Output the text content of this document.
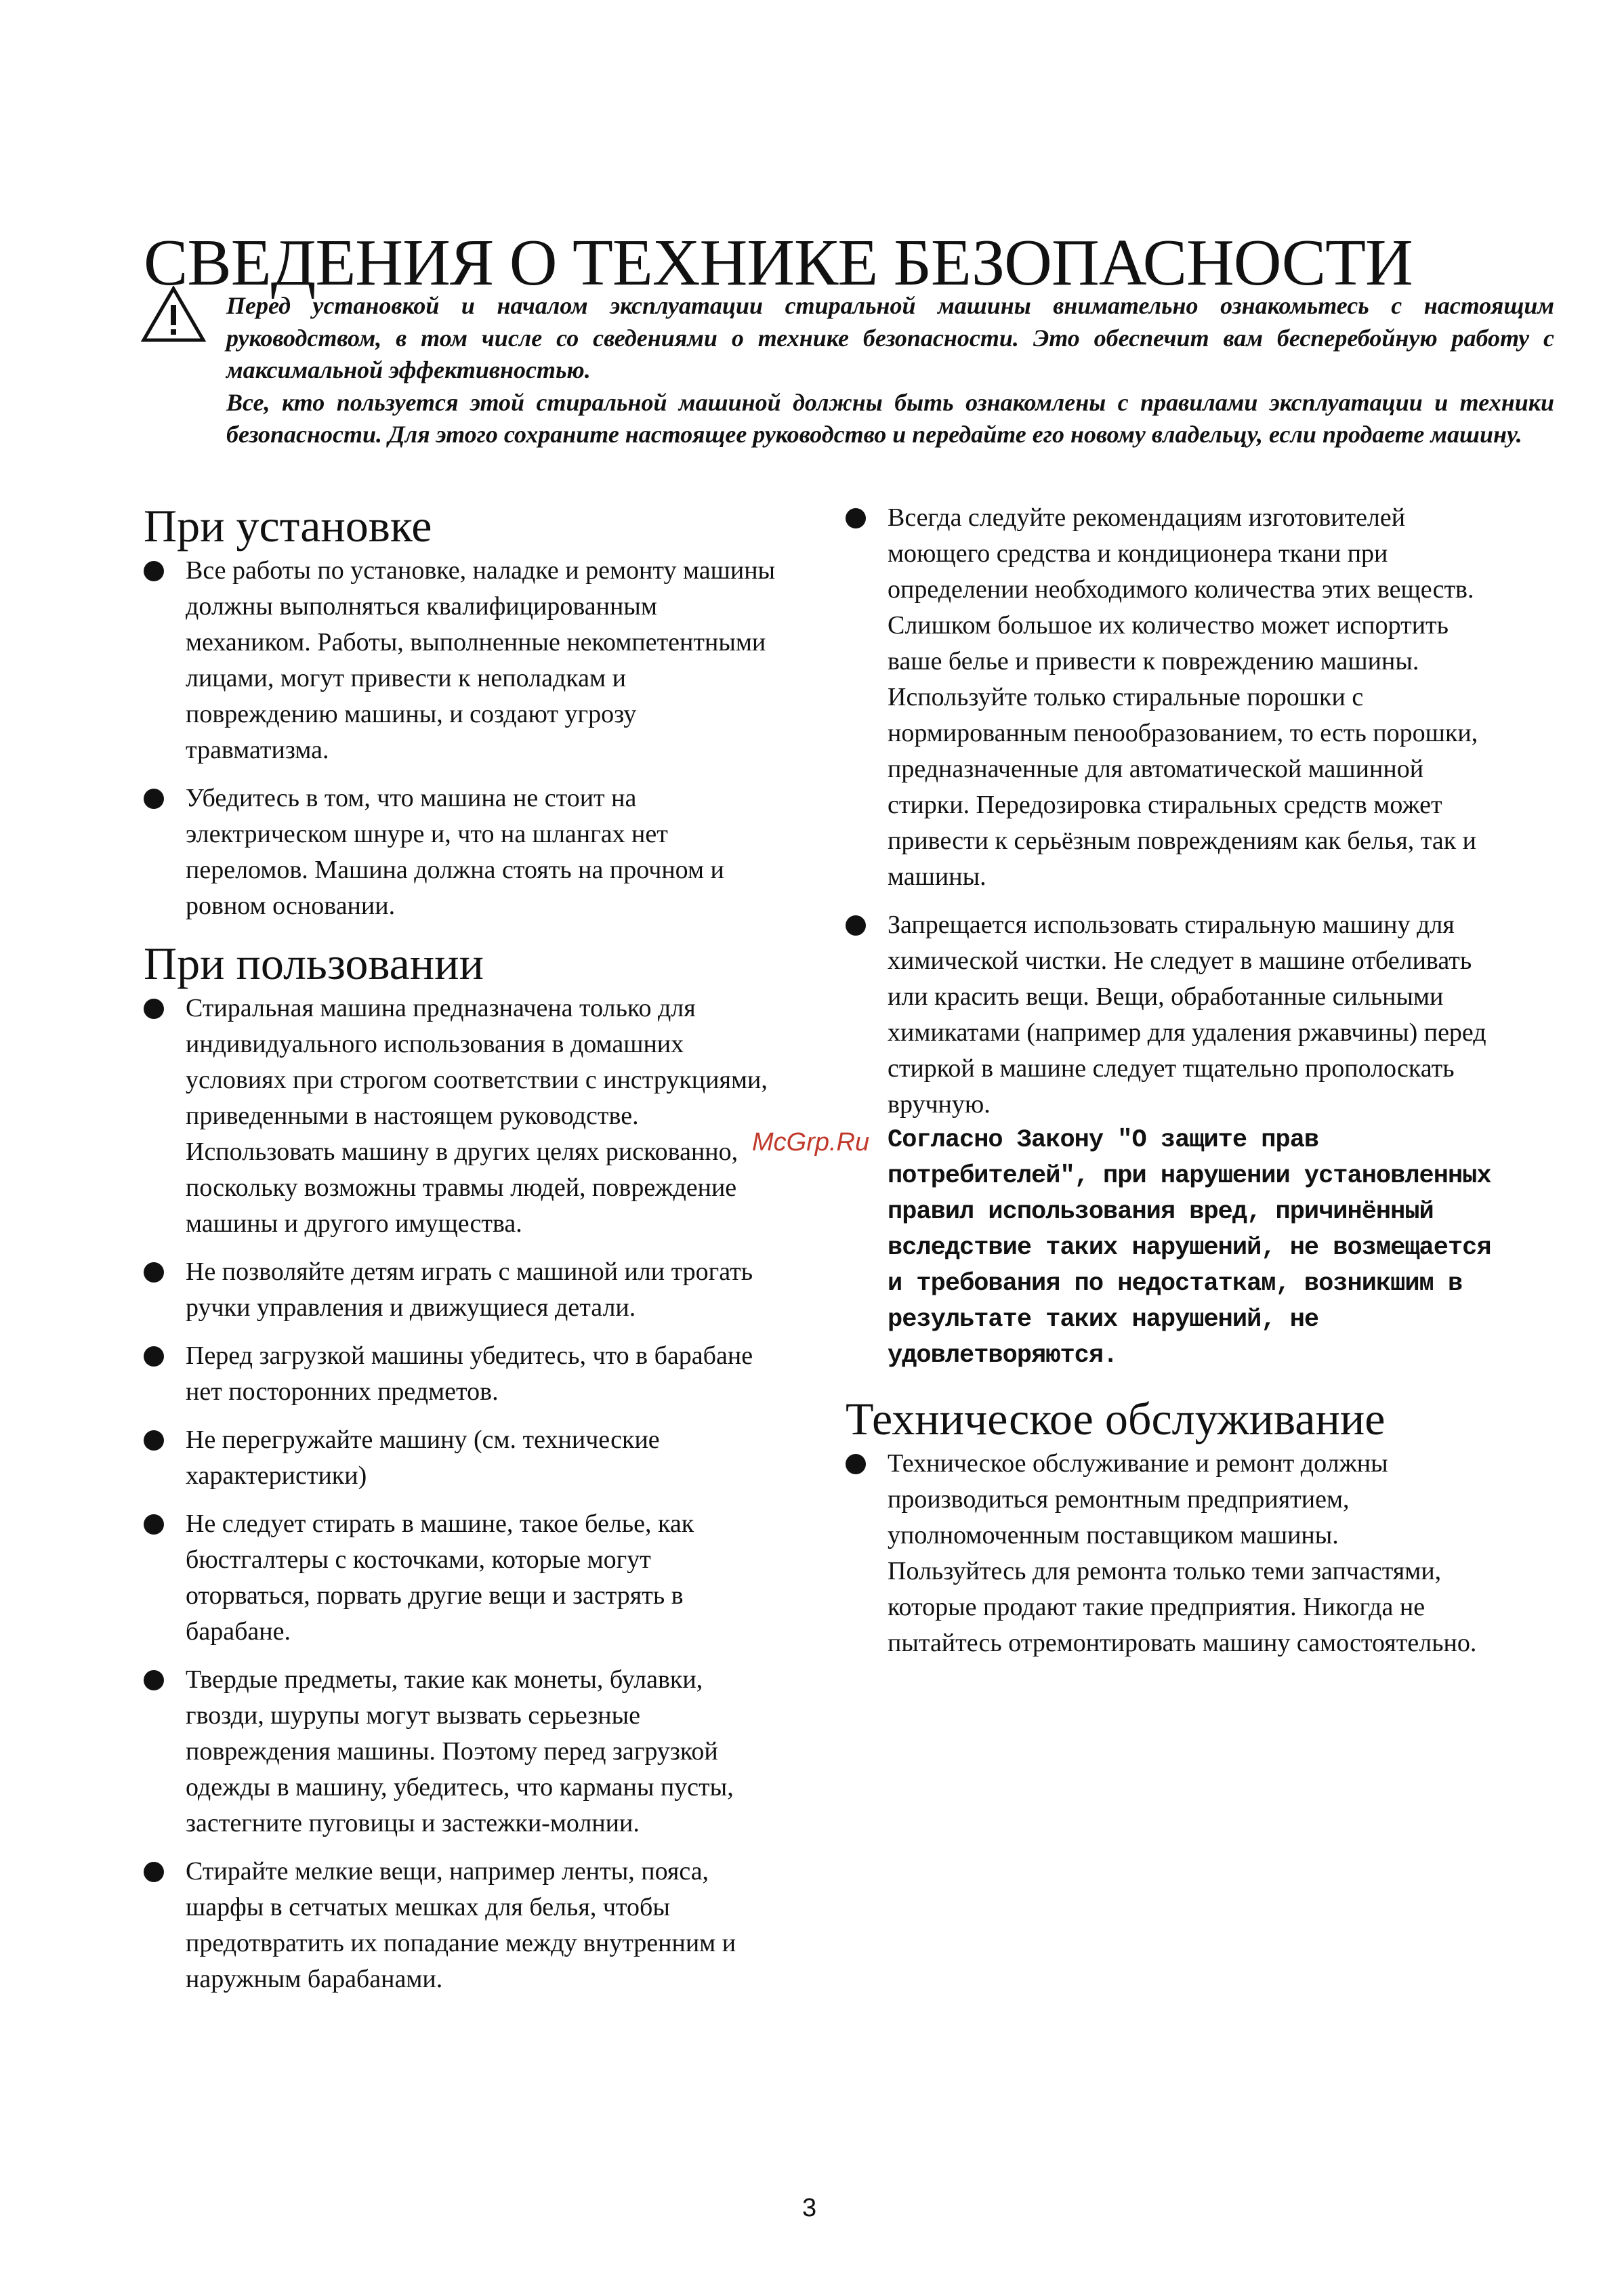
СВЕДЕНИЯ О ТЕХНИКЕ БЕЗОПАСНОСТИ

Перед установкой и началом эксплуатации стиральной машины внимательно ознакомьтесь с настоящим руководством, в том числе со сведениями о технике безопасности. Это обеспечит вам бесперебойную работу с максимальной эффективностью.

Все, кто пользуется этой стиральной машиной должны быть ознакомлены с правилами эксплуатации и техники безопасности. Для этого сохраните настоящее руководство и передайте его новому владельцу, если продаете машину.

При установке

Все работы по установке, наладке и ремонту машины должны выполняться квалифицированным механиком. Работы, выполненные некомпетентными лицами, могут привести к неполадкам и повреждению машины, и создают угрозу травматизма.

Убедитесь в том, что машина не стоит на электрическом шнуре и, что на шлангах нет переломов. Машина должна стоять на прочном и ровном основании.

При пользовании

Стиральная машина предназначена только для индивидуального использования в домашних условиях при строгом соответствии с инструкциями, приведенными в настоящем руководстве. Использовать машину в других целях рискованно, поскольку возможны травмы людей, повреждение машины и другого имущества.

Не позволяйте детям играть с машиной или трогать ручки управления и движущиеся детали.

Перед загрузкой машины убедитесь, что в барабане нет посторонних предметов.

Не перегружайте машину (см. технические характеристики)

Не следует стирать в машине, такое белье, как бюстгалтеры с косточками, которые могут оторваться, порвать другие вещи и застрять в барабане.

Твердые предметы, такие как монеты, булавки, гвозди, шурупы могут вызвать серьезные повреждения машины. Поэтому перед загрузкой одежды в машину, убедитесь, что карманы пусты, застегните пуговицы и застежки-молнии.

Стирайте мелкие вещи, например ленты, пояса, шарфы в сетчатых мешках для белья, чтобы предотвратить их попадание между внутренним и наружным барабанами.

Всегда следуйте рекомендациям изготовителей моющего средства и кондиционера ткани при определении необходимого количества этих веществ. Слишком большое их количество может испортить ваше белье и привести к повреждению машины. Используйте только стиральные порошки с нормированным пенообразованием, то есть порошки, предназначенные для автоматической машинной стирки. Передозировка стиральных средств может привести к серьёзным повреждениям как белья, так и машины.

Запрещается использовать стиральную машину для химической чистки. Не следует в машине отбеливать или красить вещи. Вещи, обработанные сильными химикатами (например для удаления ржавчины) перед стиркой в машине следует тщательно прополоскать вручную.

Согласно Закону "О защите прав потребителей", при нарушении установленных правил использования вред, причинённый вследствие таких нарушений, не возмещается и требования по недостаткам, возникшим в результате таких нарушений, не удовлетворяются.

Техническое обслуживание

Техническое обслуживание и ремонт должны производиться ремонтным предприятием, уполномоченным поставщиком машины.

Пользуйтесь для ремонта только теми запчастями, которые продают такие предприятия. Никогда не пытайтесь отремонтировать машину самостоятельно.

McGrp.Ru
3
